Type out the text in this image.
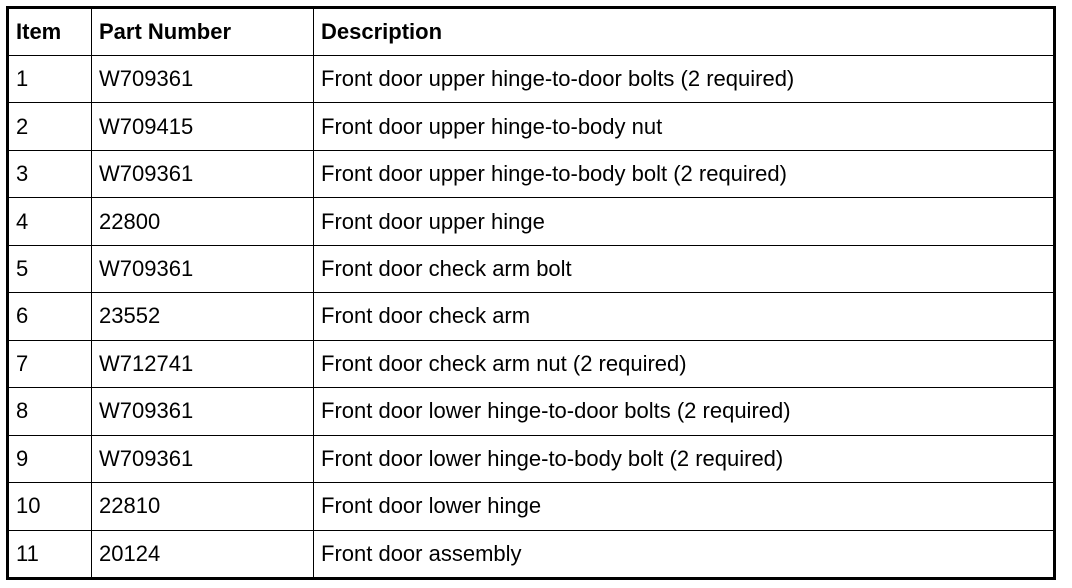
Item	Part Number	Description
1	W709361	Front door upper hinge-to-door bolts (2 required)
2	W709415	Front door upper hinge-to-body nut
3	W709361	Front door upper hinge-to-body bolt (2 required)
4	22800	Front door upper hinge
5	W709361	Front door check arm bolt
6	23552	Front door check arm
7	W712741	Front door check arm nut (2 required)
8	W709361	Front door lower hinge-to-door bolts (2 required)
9	W709361	Front door lower hinge-to-body bolt (2 required)
10	22810	Front door lower hinge
11	20124	Front door assembly
